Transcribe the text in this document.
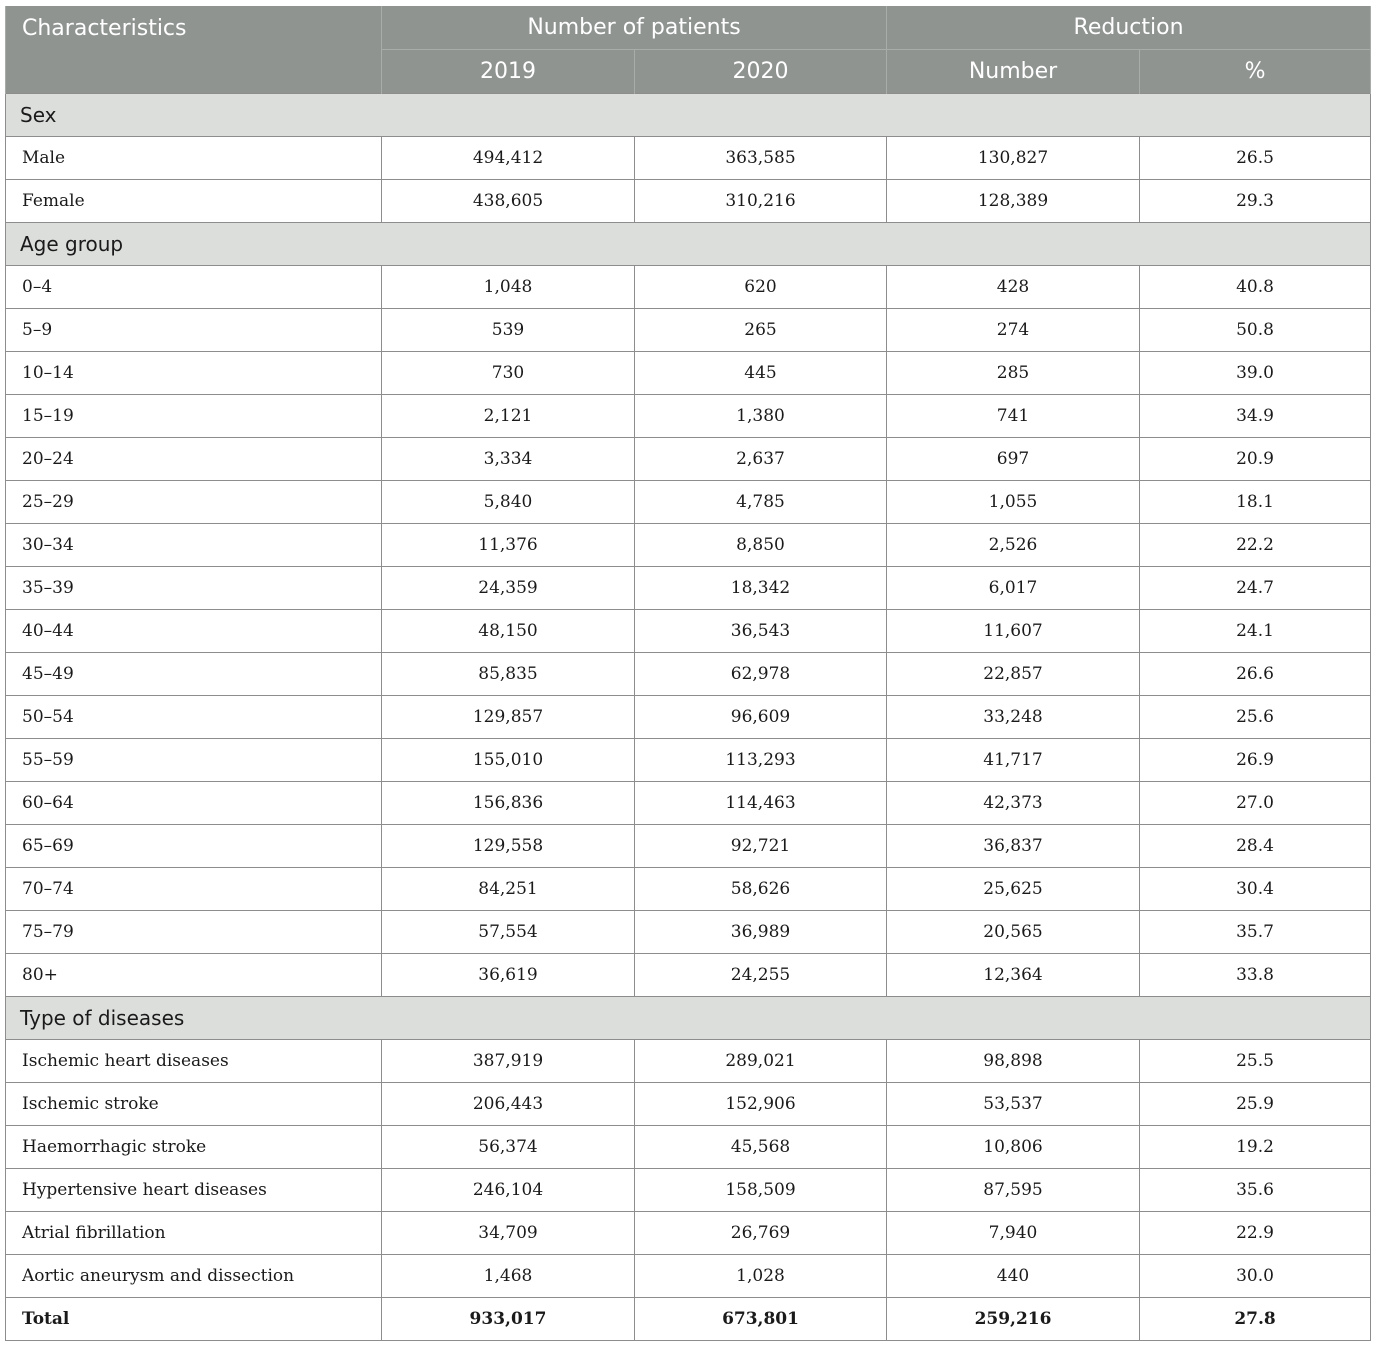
Characteristics	Number of patients		Reduction	
	2019	2020	Number	%
Sex				
Male	494,412	363,585	130,827	26.5
Female	438,605	310,216	128,389	29.3
Age group				
0–4	1,048	620	428	40.8
5–9	539	265	274	50.8
10–14	730	445	285	39.0
15–19	2,121	1,380	741	34.9
20–24	3,334	2,637	697	20.9
25–29	5,840	4,785	1,055	18.1
30–34	11,376	8,850	2,526	22.2
35–39	24,359	18,342	6,017	24.7
40–44	48,150	36,543	11,607	24.1
45–49	85,835	62,978	22,857	26.6
50–54	129,857	96,609	33,248	25.6
55–59	155,010	113,293	41,717	26.9
60–64	156,836	114,463	42,373	27.0
65–69	129,558	92,721	36,837	28.4
70–74	84,251	58,626	25,625	30.4
75–79	57,554	36,989	20,565	35.7
80+	36,619	24,255	12,364	33.8
Type of diseases				
Ischemic heart diseases	387,919	289,021	98,898	25.5
Ischemic stroke	206,443	152,906	53,537	25.9
Haemorrhagic stroke	56,374	45,568	10,806	19.2
Hypertensive heart diseases	246,104	158,509	87,595	35.6
Atrial fibrillation	34,709	26,769	7,940	22.9
Aortic aneurysm and dissection	1,468	1,028	440	30.0
Total	933,017	673,801	259,216	27.8
